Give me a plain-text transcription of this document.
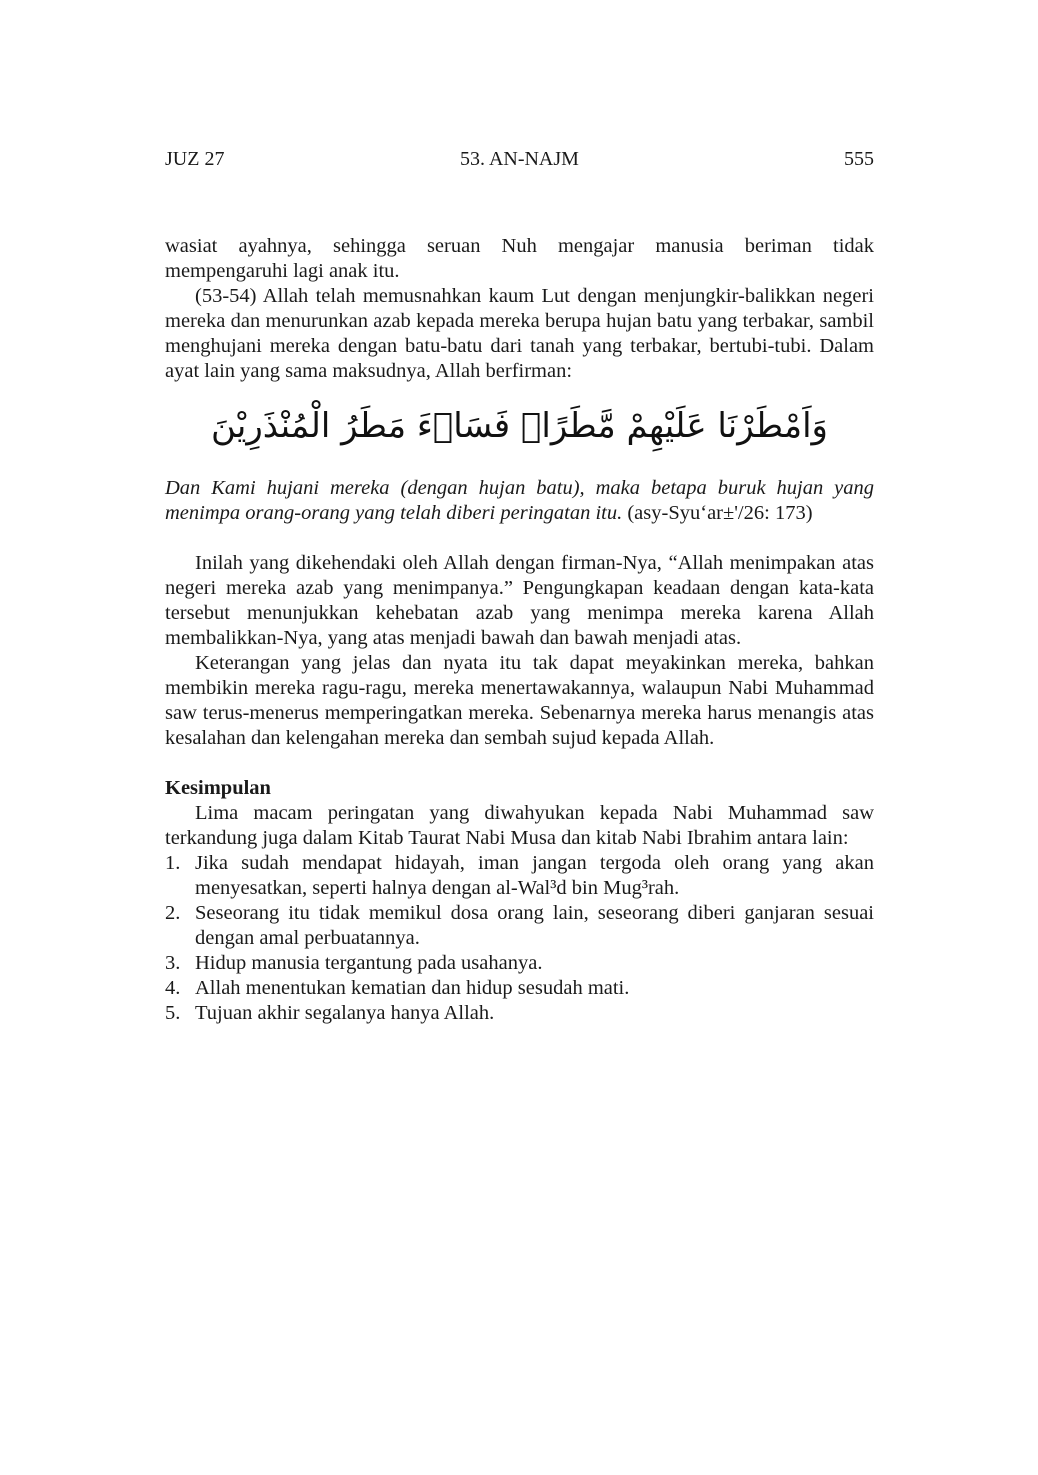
JUZ 27	53. AN-NAJM	555

wasiat ayahnya, sehingga seruan Nuh mengajar manusia beriman tidak mempengaruhi lagi anak itu.

(53-54) Allah telah memusnahkan kaum Lut dengan menjungkir-balikkan negeri mereka dan menurunkan azab kepada mereka berupa hujan batu yang terbakar, sambil menghujani mereka dengan batu-batu dari tanah yang terbakar, bertubi-tubi. Dalam ayat lain yang sama maksudnya, Allah berfirman:

وَاَمْطَرْنَا عَلَيْهِمْ مَّطَرًاۚ فَسَاۤءَ مَطَرُ الْمُنْذَرِيْنَ

Dan Kami hujani mereka (dengan hujan batu), maka betapa buruk hujan yang menimpa orang-orang yang telah diberi peringatan itu. (asy-Syu‘ar±'/26: 173)

Inilah yang dikehendaki oleh Allah dengan firman-Nya, “Allah menimpakan atas negeri mereka azab yang menimpanya.” Pengungkapan keadaan dengan kata-kata tersebut menunjukkan kehebatan azab yang menimpa mereka karena Allah membalikkan-Nya, yang atas menjadi bawah dan bawah menjadi atas.

Keterangan yang jelas dan nyata itu tak dapat meyakinkan mereka, bahkan membikin mereka ragu-ragu, mereka menertawakannya, walaupun Nabi Muhammad saw terus-menerus memperingatkan mereka. Sebenarnya mereka harus menangis atas kesalahan dan kelengahan mereka dan sembah sujud kepada Allah.

Kesimpulan

Lima macam peringatan yang diwahyukan kepada Nabi Muhammad saw terkandung juga dalam Kitab Taurat Nabi Musa dan kitab Nabi Ibrahim antara lain:

1. Jika sudah mendapat hidayah, iman jangan tergoda oleh orang yang akan menyesatkan, seperti halnya dengan al-Wal³d bin Mug³rah.
2. Seseorang itu tidak memikul dosa orang lain, seseorang diberi ganjaran sesuai dengan amal perbuatannya.
3. Hidup manusia tergantung pada usahanya.
4. Allah menentukan kematian dan hidup sesudah mati.
5. Tujuan akhir segalanya hanya Allah.
